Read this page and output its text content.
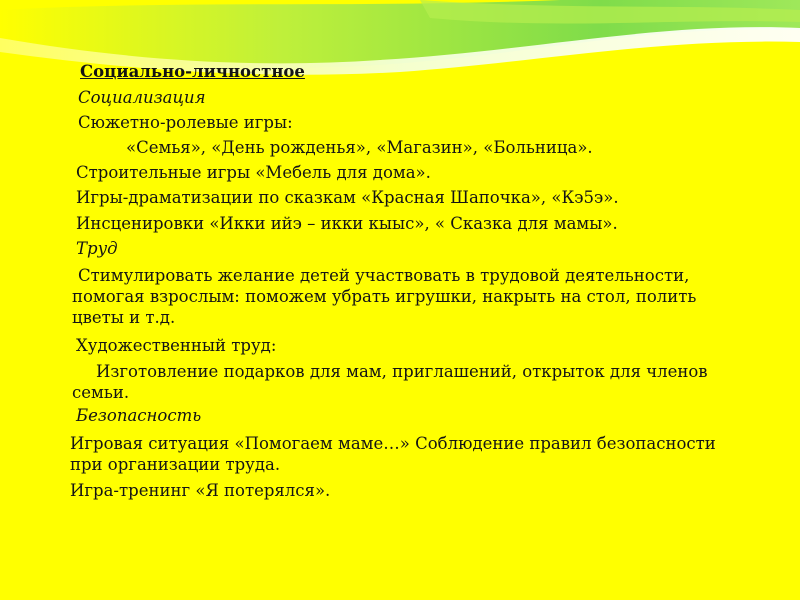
Социально-личностное

Социализация

Сюжетно-ролевые игры:

«Семья», «День рожденья», «Магазин», «Больница».

Строительные игры «Мебель для дома».

Игры-драматизации по сказкам «Красная Шапочка», «Кэ5э».

Инсценировки «Икки ийэ – икки кыыс», « Сказка для мамы».

Труд

Стимулировать желание детей участвовать в трудовой деятельности, помогая взрослым: поможем убрать игрушки, накрыть на стол, полить цветы и т.д.

Художественный труд:

Изготовление подарков для мам, приглашений, открыток для членов семьи.

Безопасность

Игровая ситуация «Помогаем маме…» Соблюдение правил безопасности при организации труда.

Игра-тренинг «Я потерялся».
